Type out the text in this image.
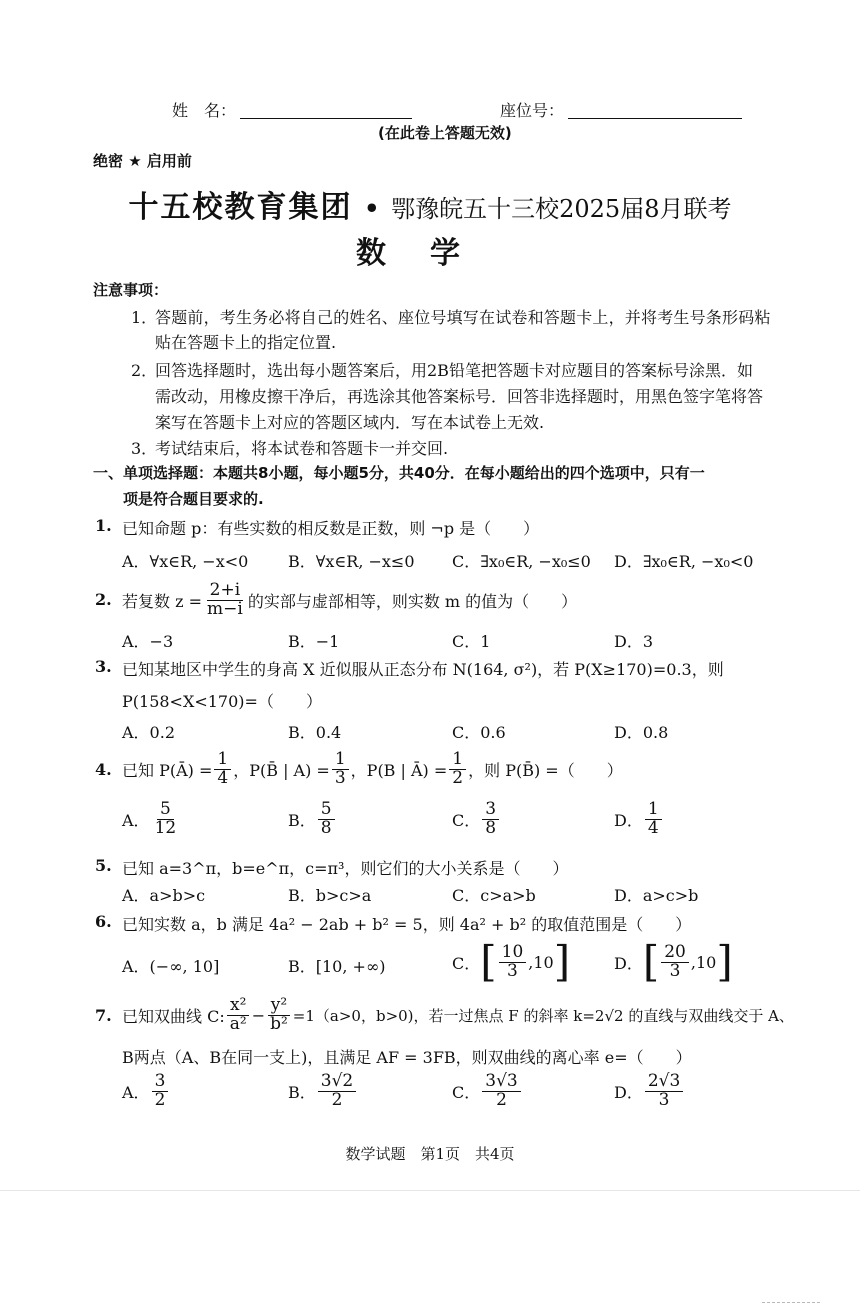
姓　名：	座位号：
(在此卷上答题无效)
绝密 ★ 启用前
十五校教育集团 • 鄂豫皖五十三校2025届8月联考
数学
注意事项：
1．
答题前，考生务必将自己的姓名、座位号填写在试卷和答题卡上，并将考生号条形码粘
贴在答题卡上的指定位置.
2．
回答选择题时，选出每小题答案后，用2B铅笔把答题卡对应题目的答案标号涂黑．如
需改动，用橡皮擦干净后，再选涂其他答案标号．回答非选择题时，用黑色签字笔将答
案写在答题卡上对应的答题区域内．写在本试卷上无效.
3．
考试结束后，将本试卷和答题卡一并交回.
一、单项选择题：本题共8小题，每小题5分，共40分．在每小题给出的四个选项中，只有一
项是符合题目要求的.
1. 已知命题 p：有些实数的相反数是正数，则 ¬p 是（　　）
A．∀x∈R, −x<0 B．∀x∈R, −x≤0 C．∃x₀∈R, −x₀≤0 D．∃x₀∈R, −x₀<0
2. 若复数 $z = \frac{2+i}{m-i}$ 的实部与虚部相等，则实数 m 的值为（　　）
A．−3	B．−1	C．1	D．3
3. 已知某地区中学生的身高 X 近似服从正态分布 N(164, σ²)，若 P(X≥170)=0.3，则
P(158<X<170)=（　　）
A．0.2	B．0.4	C．0.6	D．0.8
4. 已知 P(Ā) = $\frac{1}{4}$ ，P(B̄ | $A) = \frac{1}{3}$ ，P(B | Ā) = $\frac{1}{2}$ ，则 P(B̄) =（　　）
A． $\frac{5}{12}$	B． $\frac{5}{8}$	C． $\frac{3}{8}$	D． $\frac{1}{4}$
5. 已知 a=3^π，b=e^π，c=π³，则它们的大小关系是（　　）
A．a>b>c	B．b>c>a	C．c>a>b	D．a>c>b
6. 已知实数 a，b 满足 4a² − 2ab + b² = 5，则 4a² + b² 的取值范围是（　　）
A．(−∞, 10]	B．[10, +∞)	C． [ $\frac{10}{3} ,10$ ]	D． [ $\frac{20}{3} ,10$ ]
7. 已知双曲线 C: $\frac{\text{x²}}{\text{a²}} - \frac{\text{y²}}{\text{b²}} =1(a>0$，b>0)，若一过焦点 F 的斜率 k=2√2 的直线与双曲线交于 A、
B两点（A、B在同一支上)，且满足 AF = 3FB，则双曲线的离心率 e=（　　）
A． $\frac{3}{2}$	B． $\frac{3√2}{2}$	C． $\frac{3√3}{2}$	D． $\frac{2√3}{3}$
数学试题　第1页　共4页
